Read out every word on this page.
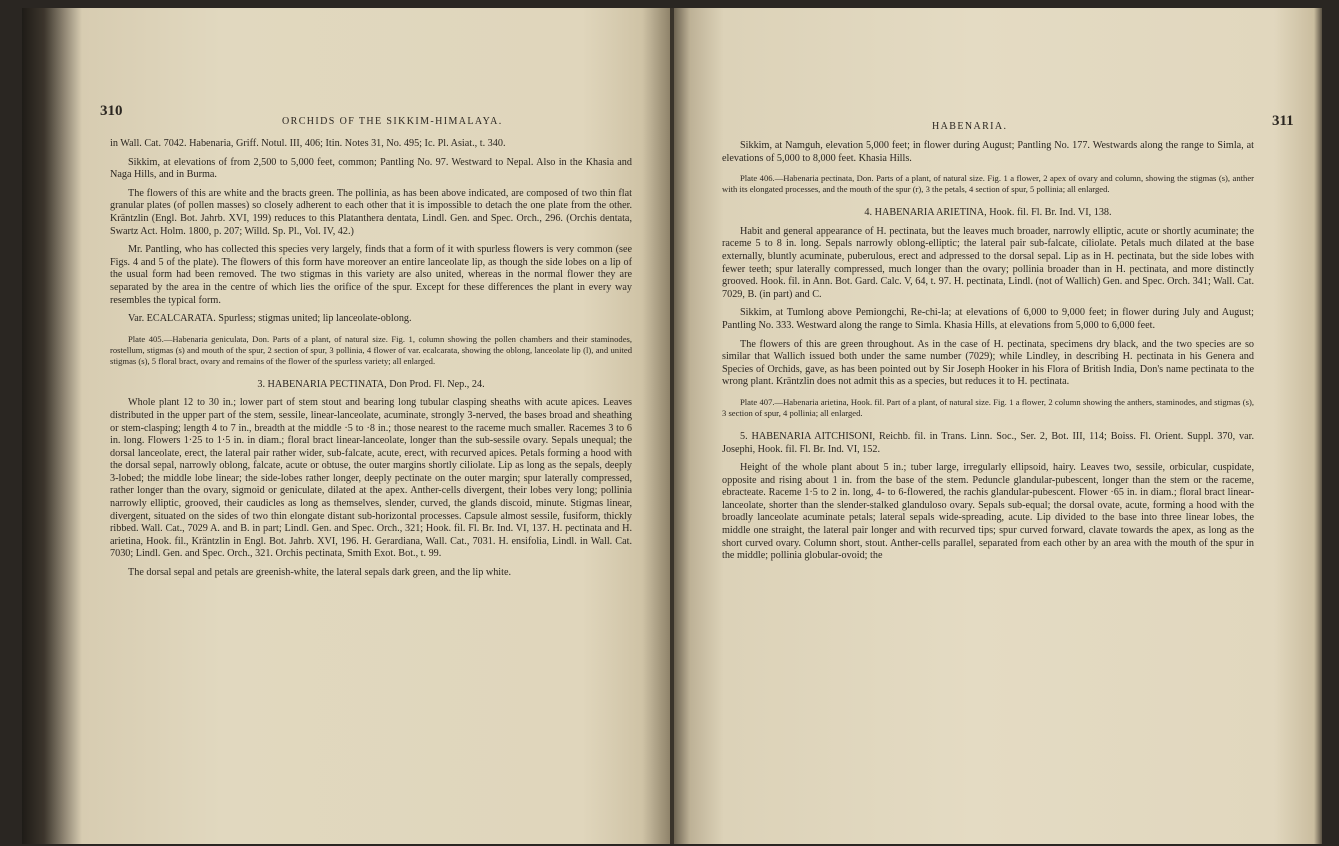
310
ORCHIDS OF THE SIKKIM-HIMALAYA.

in Wall. Cat. 7042. Habenaria, Griff. Notul. III, 406; Itin. Notes 31, No. 495; Ic. Pl. Asiat., t. 340.

Sikkim, at elevations of from 2,500 to 5,000 feet, common; Pantling No. 97. Westward to Nepal. Also in the Khasia and Naga Hills, and in Burma.

The flowers of this are white and the bracts green. The pollinia, as has been above indicated, are composed of two thin flat granular plates (of pollen masses) so closely adherent to each other that it is impossible to detach the one plate from the other. Kräntzlin (Engl. Bot. Jahrb. XVI, 199) reduces to this Platanthera dentata, Lindl. Gen. and Spec. Orch., 296. (Orchis dentata, Swartz Act. Holm. 1800, p. 207; Willd. Sp. Pl., Vol. IV, 42.)

Mr. Pantling, who has collected this species very largely, finds that a form of it with spurless flowers is very common (see Figs. 4 and 5 of the plate). The flowers of this form have moreover an entire lanceolate lip, as though the side lobes on a lip of the usual form had been removed. The two stigmas in this variety are also united, whereas in the normal flower they are separated by the area in the centre of which lies the orifice of the spur. Except for these differences the plant in every way resembles the typical form.

Var. ECALCARATA. Spurless; stigmas united; lip lanceolate-oblong.

Plate 405.—Habenaria geniculata, Don. Parts of a plant, of natural size. Fig. 1, column showing the pollen chambers and their staminodes, rostellum, stigmas (s) and mouth of the spur, 2 section of spur, 3 pollinia, 4 flower of var. ecalcarata, showing the oblong, lanceolate lip (l), and united stigmas (s), 5 floral bract, ovary and remains of the flower of the spurless variety; all enlarged.

3. HABENARIA PECTINATA, Don Prod. Fl. Nep., 24.

Whole plant 12 to 30 in.; lower part of stem stout and bearing long tubular clasping sheaths with acute apices. Leaves distributed in the upper part of the stem, sessile, linear-lanceolate, acuminate, strongly 3-nerved, the bases broad and sheathing or stem-clasping; length 4 to 7 in., breadth at the middle ·5 to ·8 in.; those nearest to the raceme much smaller. Racemes 3 to 6 in. long. Flowers 1·25 to 1·5 in. in diam.; floral bract linear-lanceolate, longer than the sub-sessile ovary. Sepals unequal; the dorsal lanceolate, erect, the lateral pair rather wider, sub-falcate, acute, erect, with recurved apices. Petals forming a hood with the dorsal sepal, narrowly oblong, falcate, acute or obtuse, the outer margins shortly ciliolate. Lip as long as the sepals, deeply 3-lobed; the middle lobe linear; the side-lobes rather longer, deeply pectinate on the outer margin; spur laterally compressed, rather longer than the ovary, sigmoid or geniculate, dilated at the apex. Anther-cells divergent, their lobes very long; pollinia narrowly elliptic, grooved, their caudicles as long as themselves, slender, curved, the glands discoid, minute. Stigmas linear, divergent, situated on the sides of two thin elongate distant sub-horizontal processes. Capsule almost sessile, fusiform, thickly ribbed. Wall. Cat., 7029 A. and B. in part; Lindl. Gen. and Spec. Orch., 321; Hook. fil. Fl. Br. Ind. VI, 137. H. pectinata and H. arietina, Hook. fil., Kräntzlin in Engl. Bot. Jahrb. XVI, 196. H. Gerardiana, Wall. Cat., 7031. H. ensifolia, Lindl. in Wall. Cat. 7030; Lindl. Gen. and Spec. Orch., 321. Orchis pectinata, Smith Exot. Bot., t. 99.

The dorsal sepal and petals are greenish-white, the lateral sepals dark green, and the lip white.

HABENARIA.	311

Sikkim, at Namguh, elevation 5,000 feet; in flower during August; Pantling No. 177. Westwards along the range to Simla, at elevations of 5,000 to 8,000 feet. Khasia Hills.

Plate 406.—Habenaria pectinata, Don. Parts of a plant, of natural size. Fig. 1 a flower, 2 apex of ovary and column, showing the stigmas (s), anther with its elongated processes, and the mouth of the spur (r), 3 the petals, 4 section of spur, 5 pollinia; all enlarged.

4. HABENARIA ARIETINA, Hook. fil. Fl. Br. Ind. VI, 138.

Habit and general appearance of H. pectinata, but the leaves much broader, narrowly elliptic, acute or shortly acuminate; the raceme 5 to 8 in. long. Sepals narrowly oblong-elliptic; the lateral pair sub-falcate, ciliolate. Petals much dilated at the base externally, bluntly acuminate, puberulous, erect and adpressed to the dorsal sepal. Lip as in H. pectinata, but the side lobes with fewer teeth; spur laterally compressed, much longer than the ovary; pollinia broader than in H. pectinata, and more distinctly grooved. Hook. fil. in Ann. Bot. Gard. Calc. V, 64, t. 97. H. pectinata, Lindl. (not of Wallich) Gen. and Spec. Orch. 341; Wall. Cat. 7029, B. (in part) and C.

Sikkim, at Tumlong above Pemiongchi, Re-chi-la; at elevations of 6,000 to 9,000 feet; in flower during July and August; Pantling No. 333. Westward along the range to Simla. Khasia Hills, at elevations from 5,000 to 6,000 feet.

The flowers of this are green throughout. As in the case of H. pectinata, specimens dry black, and the two species are so similar that Wallich issued both under the same number (7029); while Lindley, in describing H. pectinata in his Genera and Species of Orchids, gave, as has been pointed out by Sir Joseph Hooker in his Flora of British India, Don's name pectinata to the wrong plant. Kräntzlin does not admit this as a species, but reduces it to H. pectinata.

Plate 407.—Habenaria arietina, Hook. fil. Part of a plant, of natural size. Fig. 1 a flower, 2 column showing the anthers, staminodes, and stigmas (s), 3 section of spur, 4 pollinia; all enlarged.

5. HABENARIA AITCHISONI, Reichb. fil. in Trans. Linn. Soc., Ser. 2, Bot. III, 114; Boiss. Fl. Orient. Suppl. 370, var. Josephi, Hook. fil. Fl. Br. Ind. VI, 152.

Height of the whole plant about 5 in.; tuber large, irregularly ellipsoid, hairy. Leaves two, sessile, orbicular, cuspidate, opposite and rising about 1 in. from the base of the stem. Peduncle glandular-pubescent, longer than the stem or the raceme, ebracteate. Raceme 1·5 to 2 in. long, 4- to 6-flowered, the rachis glandular-pubescent. Flower ·65 in. in diam.; floral bract linear-lanceolate, shorter than the slender-stalked glanduloso ovary. Sepals sub-equal; the dorsal ovate, acute, forming a hood with the broadly lanceolate acuminate petals; lateral sepals wide-spreading, acute. Lip divided to the base into three linear lobes, the middle one straight, the lateral pair longer and with recurved tips; spur curved forward, clavate towards the apex, as long as the short curved ovary. Column short, stout. Anther-cells parallel, separated from each other by an area with the mouth of the spur in the middle; pollinia globular-ovoid; the
